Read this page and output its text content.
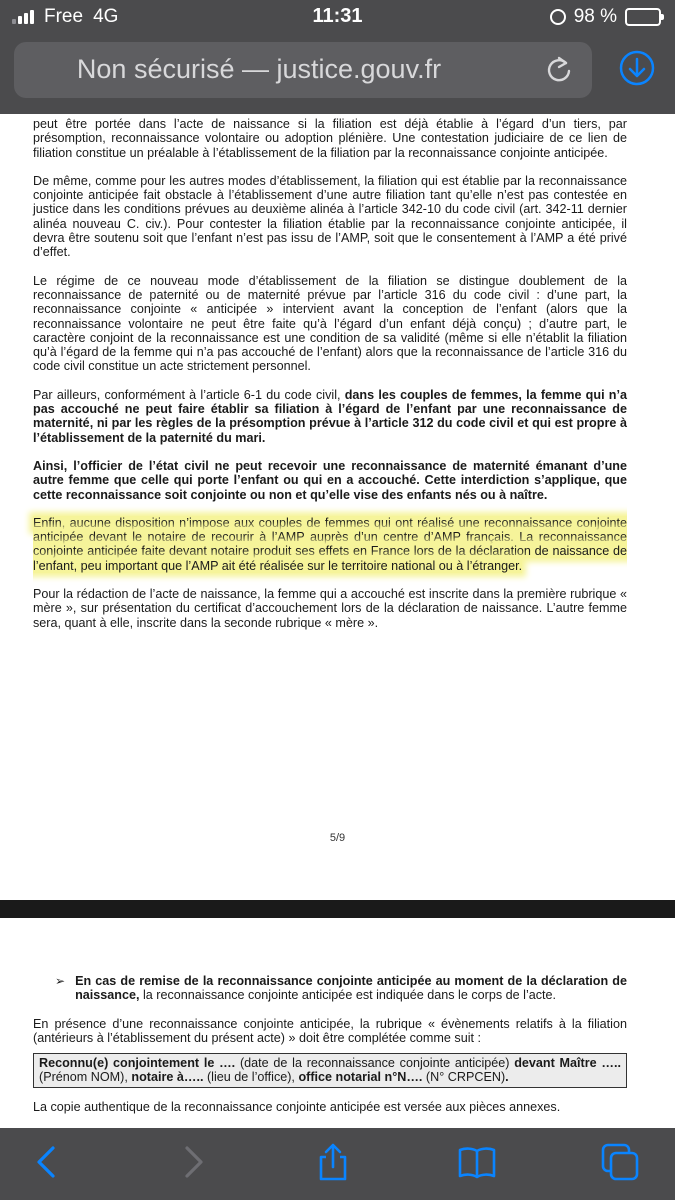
Free 4G	11:31	98 %
Non sécurisé — justice.gouv.fr

peut être portée dans l’acte de naissance si la filiation est déjà établie à l’égard d’un tiers, par présomption, reconnaissance volontaire ou adoption plénière. Une contestation judiciaire de ce lien de filiation constitue un préalable à l’établissement de la filiation par la reconnaissance conjointe anticipée.

De même, comme pour les autres modes d’établissement, la filiation qui est établie par la reconnaissance conjointe anticipée fait obstacle à l’établissement d’une autre filiation tant qu’elle n’est pas contestée en justice dans les conditions prévues au deuxième alinéa à l’article 342-10 du code civil (art. 342-11 dernier alinéa nouveau C. civ.). Pour contester la filiation établie par la reconnaissance conjointe anticipée, il devra être soutenu soit que l’enfant n’est pas issu de l’AMP, soit que le consentement à l’AMP a été privé d’effet.

Le régime de ce nouveau mode d’établissement de la filiation se distingue doublement de la reconnaissance de paternité ou de maternité prévue par l’article 316 du code civil : d’une part, la reconnaissance conjointe « anticipée » intervient avant la conception de l’enfant (alors que la reconnaissance volontaire ne peut être faite qu’à l’égard d’un enfant déjà conçu) ; d’autre part, le caractère conjoint de la reconnaissance est une condition de sa validité (même si elle n’établit la filiation qu’à l’égard de la femme qui n’a pas accouché de l’enfant) alors que la reconnaissance de l’article 316 du code civil constitue un acte strictement personnel.

Par ailleurs, conformément à l’article 6-1 du code civil, dans les couples de femmes, la femme qui n’a pas accouché ne peut faire établir sa filiation à l’égard de l’enfant par une reconnaissance de maternité, ni par les règles de la présomption prévue à l’article 312 du code civil et qui est propre à l’établissement de la paternité du mari.

Ainsi, l’officier de l’état civil ne peut recevoir une reconnaissance de maternité émanant d’une autre femme que celle qui porte l’enfant ou qui en a accouché. Cette interdiction s’applique, que cette reconnaissance soit conjointe ou non et qu’elle vise des enfants nés ou à naître.

Enfin, aucune disposition n’impose aux couples de femmes qui ont réalisé une reconnaissance conjointe anticipée devant le notaire de recourir à l’AMP auprès d’un centre d’AMP français. La reconnaissance conjointe anticipée faite devant notaire produit ses effets en France lors de la déclaration de naissance de l’enfant, peu important que l’AMP ait été réalisée sur le territoire national ou à l’étranger.

Pour la rédaction de l’acte de naissance, la femme qui a accouché est inscrite dans la première rubrique « mère », sur présentation du certificat d’accouchement lors de la déclaration de naissance. L’autre femme sera, quant à elle, inscrite dans la seconde rubrique « mère ».

5/9
➢ En cas de remise de la reconnaissance conjointe anticipée au moment de la déclaration de naissance, la reconnaissance conjointe anticipée est indiquée dans le corps de l’acte.

En présence d’une reconnaissance conjointe anticipée, la rubrique « évènements relatifs à la filiation (antérieurs à l’établissement du présent acte) » doit être complétée comme suit :

Reconnu(e) conjointement le …. (date de la reconnaissance conjointe anticipée) devant Maître ….. (Prénom NOM), notaire à….. (lieu de l’office), office notarial n°N…. (N° CRPCEN).

La copie authentique de la reconnaissance conjointe anticipée est versée aux pièces annexes.
